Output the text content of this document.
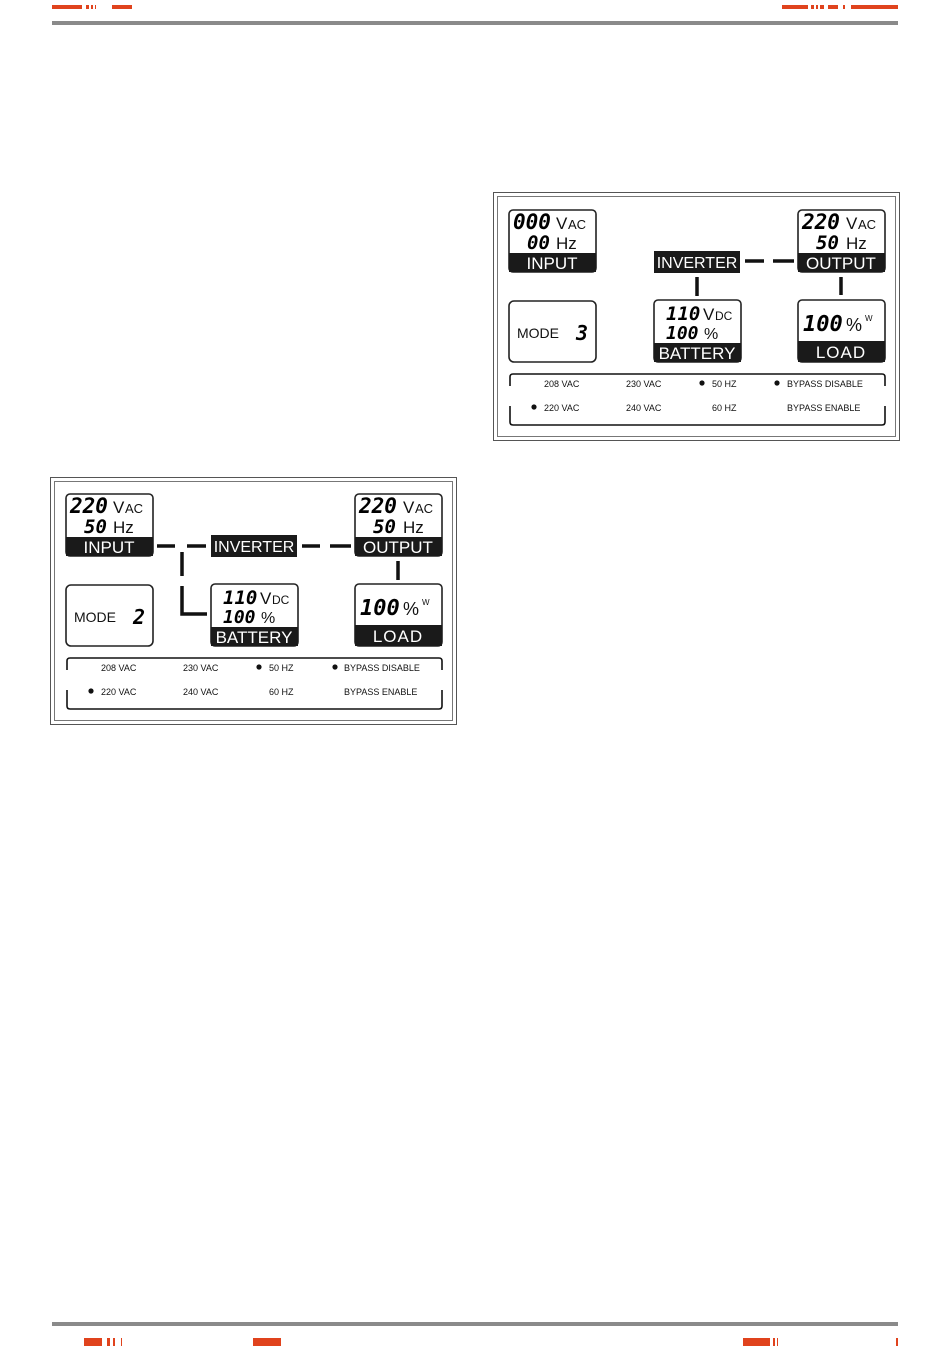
000 V AC
00 Hz
INPUT
220 V AC
50 Hz
OUTPUT
INVERTER
MODE 3
110 V DC
100 %
BATTERY
100 % W
LOAD
208 VAC	230 VAC	50 HZ	BYPASS DISABLE
220 VAC	240 VAC	60 HZ	BYPASS ENABLE
220 V AC
50 Hz
INPUT
220 V AC
50 Hz
OUTPUT
INVERTER
MODE 2
110 V DC
100 %
BATTERY
100 % W
LOAD
208 VAC	230 VAC	50 HZ	BYPASS DISABLE
220 VAC	240 VAC	60 HZ	BYPASS ENABLE
